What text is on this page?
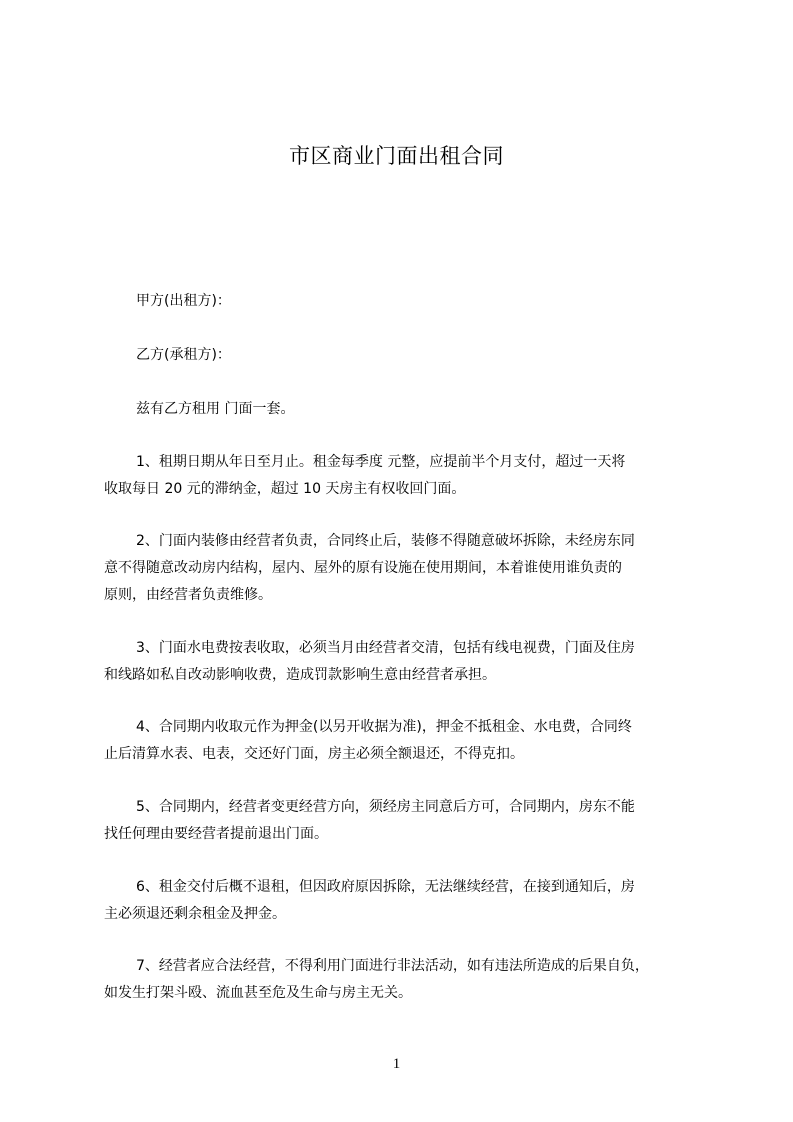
市区商业门面出租合同
甲方(出租方)：
乙方(承租方)：
兹有乙方租用 门面一套。
1、租期日期从年日至月止。租金每季度 元整，应提前半个月支付，超过一天将
收取每日 20 元的滞纳金，超过 10 天房主有权收回门面。
2、门面内装修由经营者负责，合同终止后，装修不得随意破坏拆除，未经房东同
意不得随意改动房内结构，屋内、屋外的原有设施在使用期间，本着谁使用谁负责的
原则，由经营者负责维修。
3、门面水电费按表收取，必须当月由经营者交清，包括有线电视费，门面及住房
和线路如私自改动影响收费，造成罚款影响生意由经营者承担。
4、合同期内收取元作为押金(以另开收据为准)，押金不抵租金、水电费，合同终
止后清算水表、电表，交还好门面，房主必须全额退还，不得克扣。
5、合同期内，经营者变更经营方向，须经房主同意后方可，合同期内，房东不能
找任何理由要经营者提前退出门面。
6、租金交付后概不退租，但因政府原因拆除，无法继续经营，在接到通知后，房
主必须退还剩余租金及押金。
7、经营者应合法经营，不得利用门面进行非法活动，如有违法所造成的后果自负，
如发生打架斗殴、流血甚至危及生命与房主无关。
1
